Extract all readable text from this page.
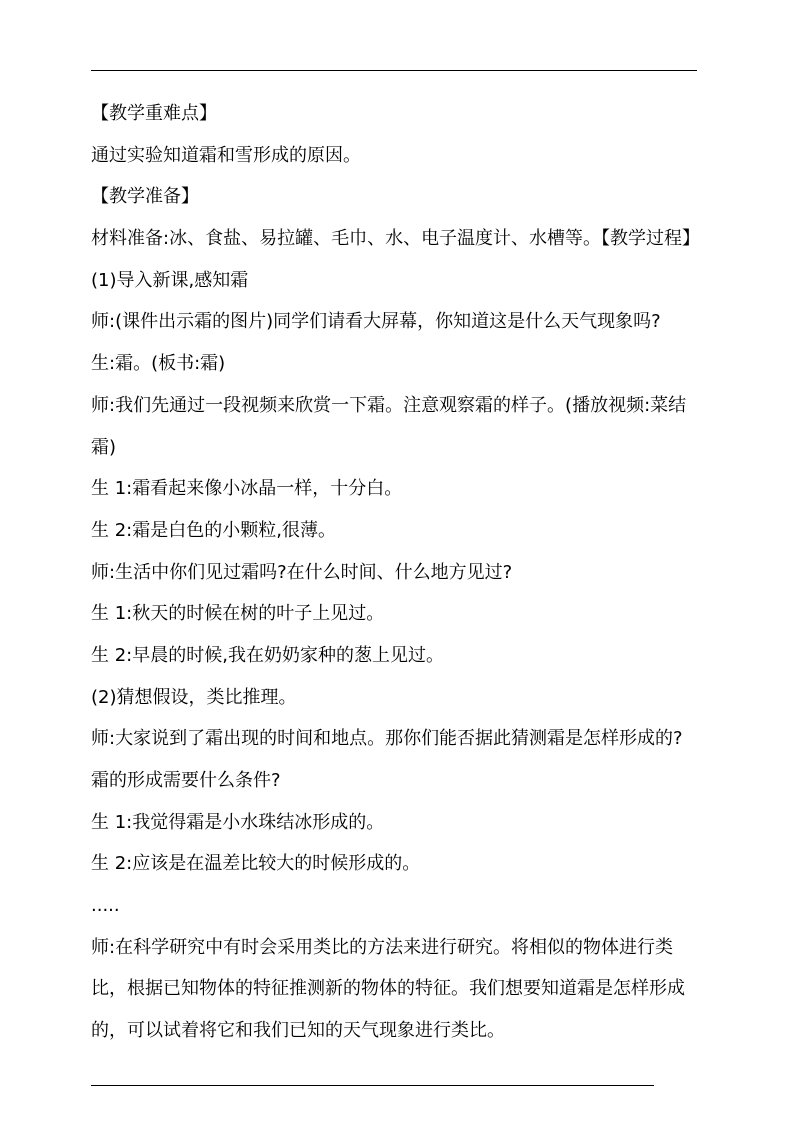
【教学重难点】

通过实验知道霜和雪形成的原因。

【教学准备】

材料准备:冰、食盐、易拉罐、毛巾、水、电子温度计、水槽等。【教学过程】

(1)导入新课,感知霜

师:(课件出示霜的图片)同学们请看大屏幕，你知道这是什么天气现象吗?

生:霜。(板书:霜)

师:我们先通过一段视频来欣赏一下霜。注意观察霜的样子。(播放视频:菜结

霜)

生 1:霜看起来像小冰晶一样，十分白。

生 2:霜是白色的小颗粒,很薄。

师:生活中你们见过霜吗?在什么时间、什么地方见过?

生 1:秋天的时候在树的叶子上见过。

生 2:早晨的时候,我在奶奶家种的葱上见过。

(2)猜想假设，类比推理。

师:大家说到了霜出现的时间和地点。那你们能否据此猜测霜是怎样形成的?

霜的形成需要什么条件?

生 1:我觉得霜是小水珠结冰形成的。

生 2:应该是在温差比较大的时候形成的。

.....

师:在科学研究中有时会采用类比的方法来进行研究。将相似的物体进行类

比，根据已知物体的特征推测新的物体的特征。我们想要知道霜是怎样形成

的，可以试着将它和我们已知的天气现象进行类比。
